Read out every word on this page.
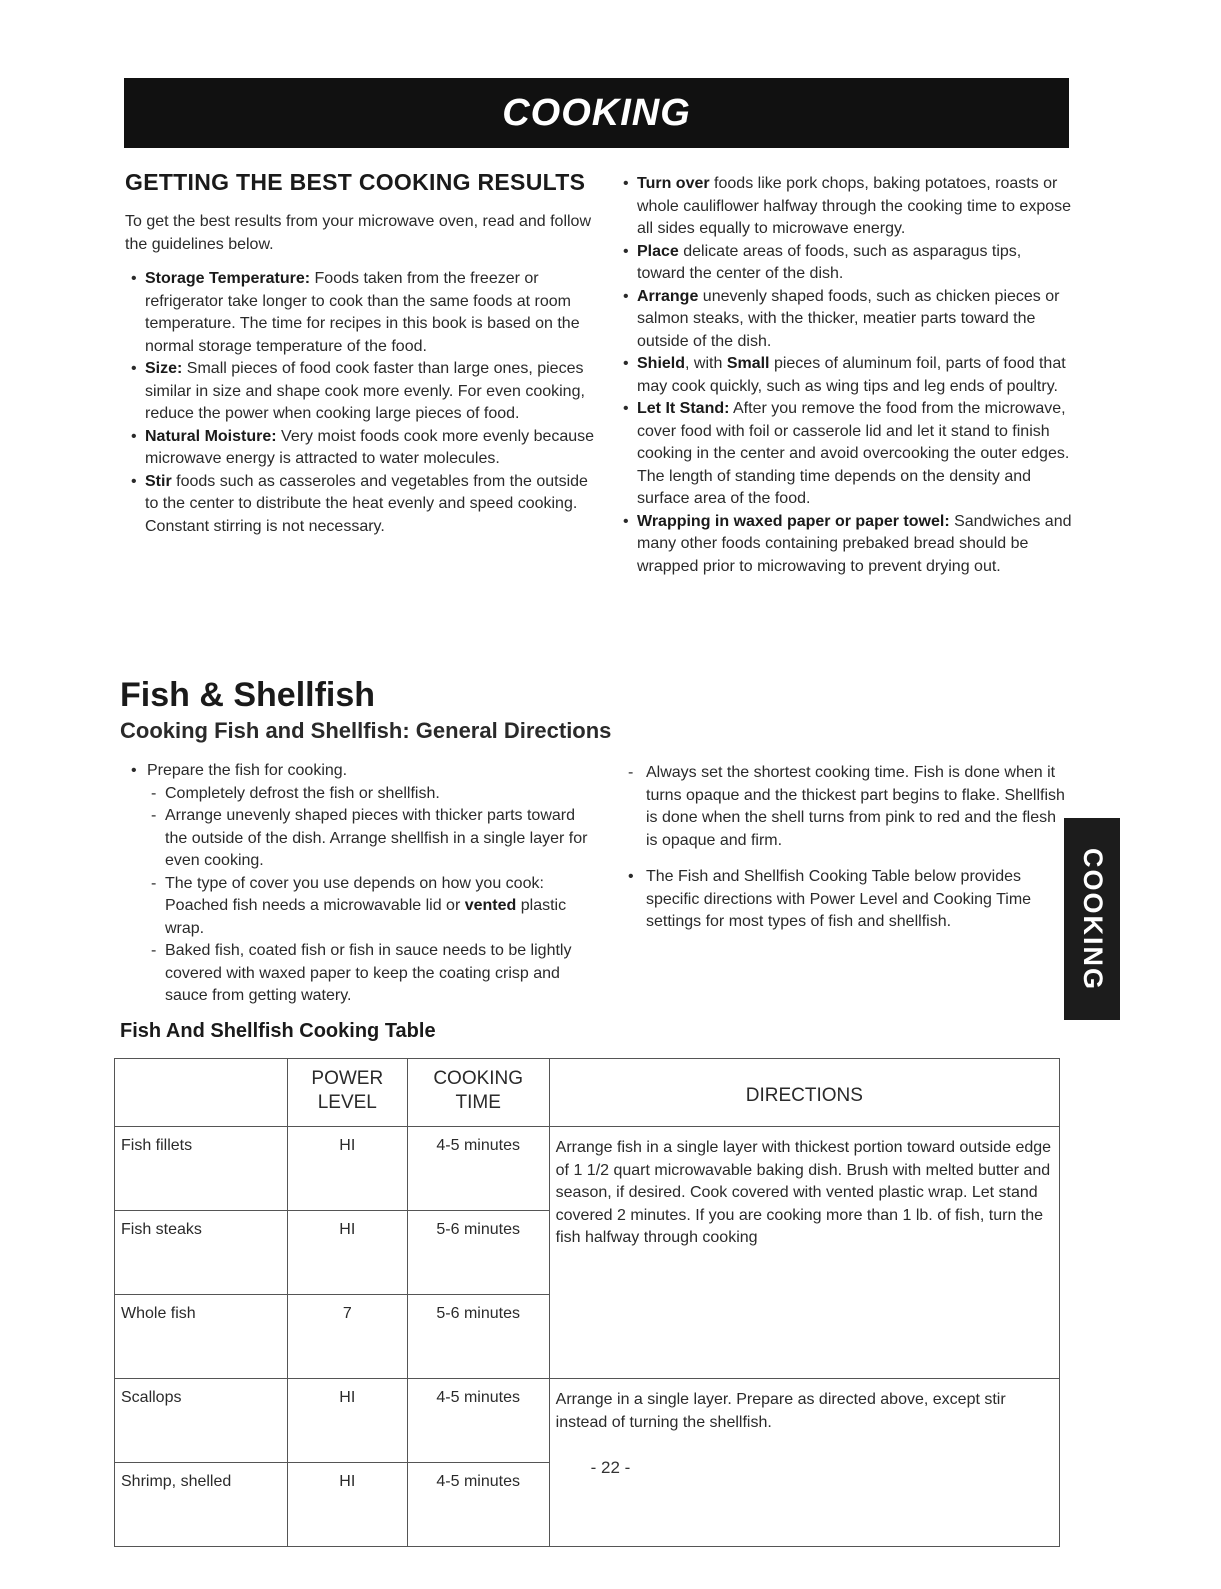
COOKING
GETTING THE BEST COOKING RESULTS

To get the best results from your microwave oven, read and follow the guidelines below.

• Storage Temperature: Foods taken from the freezer or refrigerator take longer to cook than the same foods at room temperature. The time for recipes in this book is based on the normal storage temperature of the food.
• Size: Small pieces of food cook faster than large ones, pieces similar in size and shape cook more evenly. For even cooking, reduce the power when cooking large pieces of food.
• Natural Moisture: Very moist foods cook more evenly because microwave energy is attracted to water molecules.
• Stir foods such as casseroles and vegetables from the outside to the center to distribute the heat evenly and speed cooking. Constant stirring is not necessary.
• Turn over foods like pork chops, baking potatoes, roasts or whole cauliflower halfway through the cooking time to expose all sides equally to microwave energy.
• Place delicate areas of foods, such as asparagus tips, toward the center of the dish.
• Arrange unevenly shaped foods, such as chicken pieces or salmon steaks, with the thicker, meatier parts toward the outside of the dish.
• Shield, with Small pieces of aluminum foil, parts of food that may cook quickly, such as wing tips and leg ends of poultry.
• Let It Stand: After you remove the food from the microwave, cover food with foil or casserole lid and let it stand to finish cooking in the center and avoid overcooking the outer edges. The length of standing time depends on the density and surface area of the food.
• Wrapping in waxed paper or paper towel: Sandwiches and many other foods containing prebaked bread should be wrapped prior to microwaving to prevent drying out.
Fish & Shellfish
Cooking Fish and Shellfish: General Directions
• Prepare the fish for cooking.
- Completely defrost the fish or shellfish.
- Arrange unevenly shaped pieces with thicker parts toward the outside of the dish. Arrange shellfish in a single layer for even cooking.
- The type of cover you use depends on how you cook: Poached fish needs a microwavable lid or vented plastic wrap.
- Baked fish, coated fish or fish in sauce needs to be lightly covered with waxed paper to keep the coating crisp and sauce from getting watery.
- Always set the shortest cooking time. Fish is done when it turns opaque and the thickest part begins to flake. Shellfish is done when the shell turns from pink to red and the flesh is opaque and firm.
• The Fish and Shellfish Cooking Table below provides specific directions with Power Level and Cooking Time settings for most types of fish and shellfish.	COOKING
Fish And Shellfish Cooking Table
	POWER LEVEL	COOKING TIME	DIRECTIONS
Fish fillets	HI	4-5 minutes	Arrange fish in a single layer with thickest portion toward outside edge of 1 1/2 quart microwavable baking dish. Brush with melted butter and season, if desired. Cook covered with vented plastic wrap. Let stand covered 2 minutes. If you are cooking more than 1 lb. of fish, turn the fish halfway through cooking
Fish steaks	HI	5-6 minutes	
Whole fish	7	5-6 minutes	
Scallops	HI	4-5 minutes	Arrange in a single layer. Prepare as directed above, except stir instead of turning the shellfish.
Shrimp, shelled	HI	4-5 minutes	
- 22 -
